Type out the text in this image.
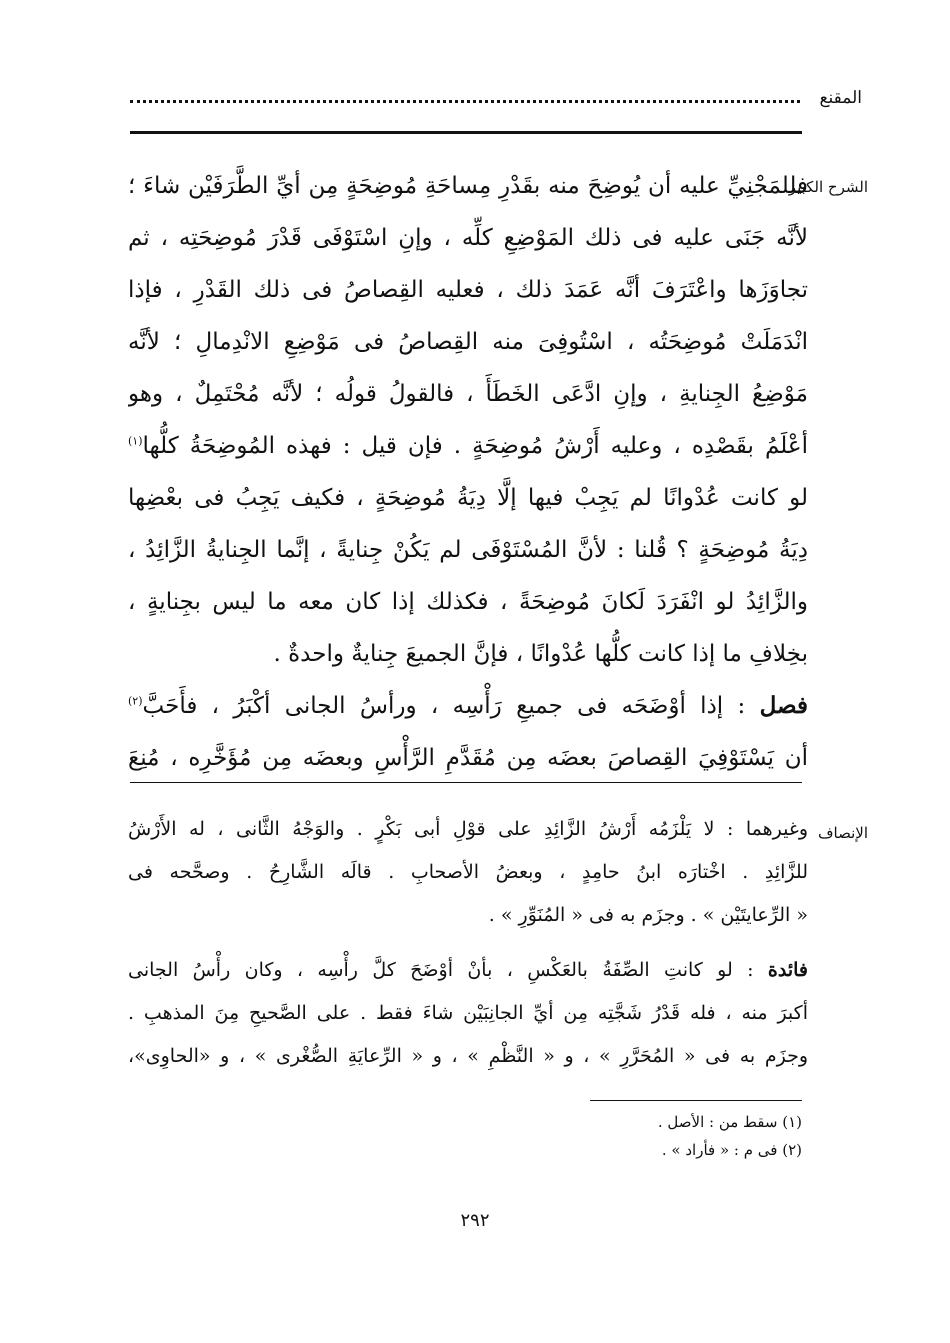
المقنع
الشرح الكبير
الإنصاف
فللمَجْنِيِّ عليه أن يُوضِحَ منه بقَدْرِ مِساحَةِ مُوضِحَةٍ مِن أيِّ الطَّرَفَيْن شاءَ ؛
لأنَّه جَنَى عليه فى ذلك المَوْضِعِ كلِّه ، وإنِ اسْتَوْفَى قَدْرَ مُوضِحَتِه ، ثم
تجاوَزَها واعْتَرَفَ أنَّه عَمَدَ ذلك ، فعليه القِصاصُ فى ذلك القَدْرِ ، فإذا
انْدَمَلَتْ مُوضِحَتُه ، اسْتُوفِىَ منه القِصاصُ فى مَوْضِعِ الانْدِمالِ ؛ لأنَّه
مَوْضِعُ الجِنايةِ ، وإنِ ادَّعَى الخَطَأَ ، فالقولُ قولُه ؛ لأنَّه مُحْتَمِلٌ ، وهو
أعْلَمُ بقَصْدِه ، وعليه أَرْشُ مُوضِحَةٍ . فإن قيل : فهذه المُوضِحَةُ كلُّها$^{(١)}$
لو كانت عُدْوانًا لم يَجِبْ فيها إلَّا دِيَةُ مُوضِحَةٍ ، فكيف يَجِبُ فى بعْضِها
دِيَةُ مُوضِحَةٍ ؟ قُلنا : لأنَّ المُسْتَوْفَى لم يَكُنْ جِنايةً ، إنَّما الجِنايةُ الزَّائِدُ ،
والزَّائِدُ لو انْفَرَدَ لَكانَ مُوضِحَةً ، فكذلك إذا كان معه ما ليس بجِنايةٍ ،
بخِلافِ ما إذا كانت كلُّها عُدْوانًا ، فإنَّ الجميعَ جِنايةٌ واحدةٌ .
فصل : إذا أوْضَحَه فى جميعِ رَأْسِه ، ورأسُ الجانى أكْبَرُ ، فأَحَبَّ$^{(٢)}$
أن يَسْتَوْفِيَ القِصاصَ بعضَه مِن مُقَدَّمِ الرَّأْسِ وبعضَه مِن مُؤَخَّرِه ، مُنِعَ
وغيرهما : لا يَلْزَمُه أَرْشُ الزَّائِدِ على قوْلِ أبى بَكْرٍ . والوَجْهُ الثَّانى ، له الأَرْشُ
للزَّائِدِ . اخْتارَه ابنُ حامِدٍ ، وبعضُ الأصحابِ . قالَه الشَّارِحُ . وصحَّحه فى
« الرِّعايتَيْن » . وجزَم به فى « المُنَوِّرِ » .
فائدة : لو كانتِ الصِّفَةُ بالعَكْسِ ، بأنْ أوْضَحَ كلَّ رأْسِه ، وكان رأْسُ الجانى
أكبرَ منه ، فله قَدْرُ شَجَّتِه مِن أيِّ الجانِبَيْن شاءَ فقط . على الصَّحيحِ مِنَ المذهبِ .
وجزَم به فى « المُحَرَّرِ » ، و « النَّظْمِ » ، و « الرِّعايَةِ الصُّغْرى » ، و «الحاوِى»،
(١) سقط من : الأصل .
(٢) فى م : « فأراد » .
٢٩٢
